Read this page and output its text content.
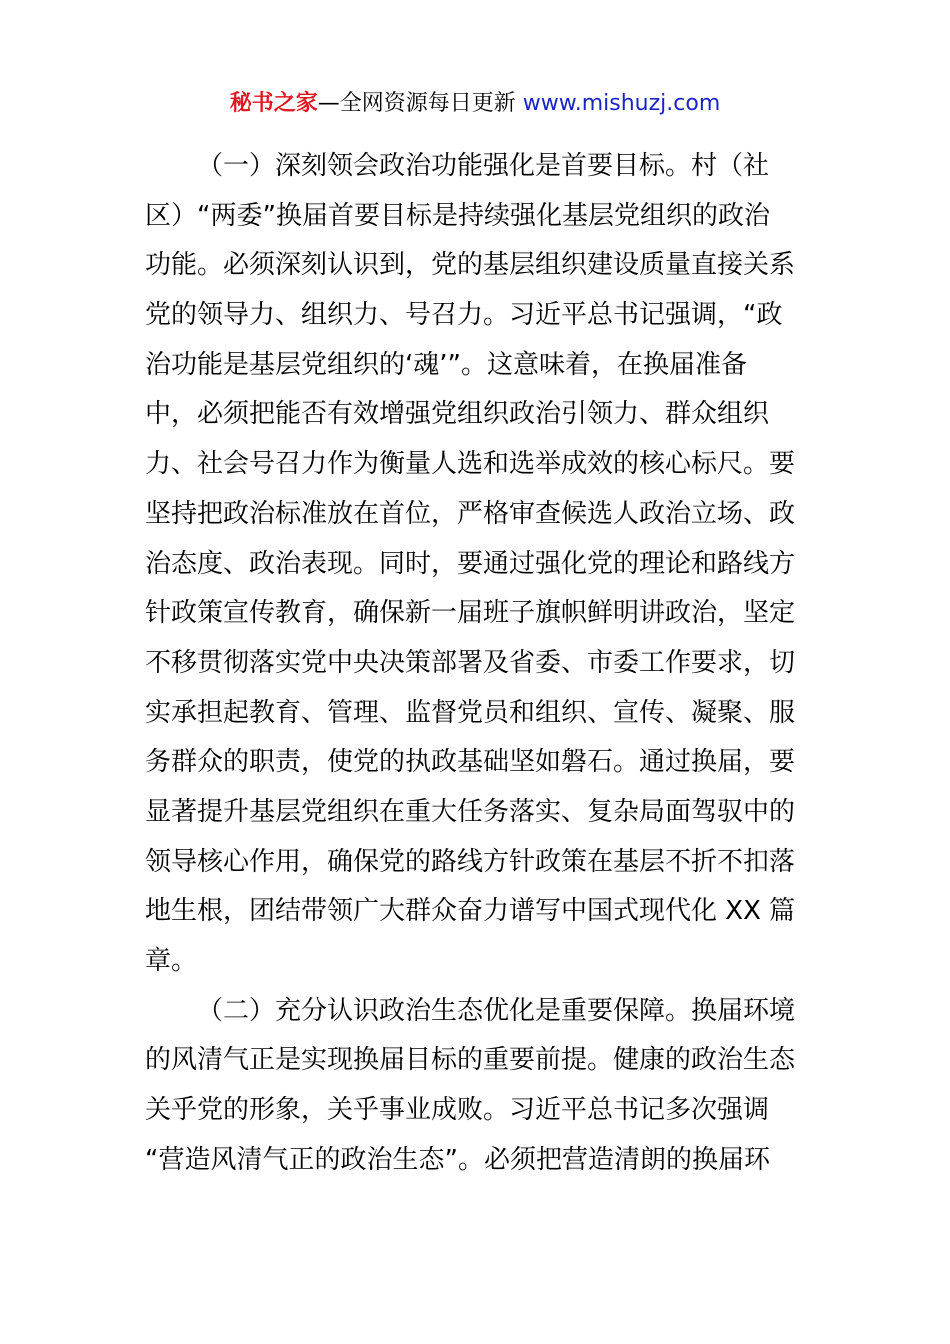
秘书之家—全网资源每日更新 www.mishuzj.com
（一）深刻领会政治功能强化是首要目标。村（社
区）“两委”换届首要目标是持续强化基层党组织的政治
功能。必须深刻认识到，党的基层组织建设质量直接关系
党的领导力、组织力、号召力。习近平总书记强调，“政
治功能是基层党组织的‘魂’”。这意味着，在换届准备
中，必须把能否有效增强党组织政治引领力、群众组织
力、社会号召力作为衡量人选和选举成效的核心标尺。要
坚持把政治标准放在首位，严格审查候选人政治立场、政
治态度、政治表现。同时，要通过强化党的理论和路线方
针政策宣传教育，确保新一届班子旗帜鲜明讲政治，坚定
不移贯彻落实党中央决策部署及省委、市委工作要求，切
实承担起教育、管理、监督党员和组织、宣传、凝聚、服
务群众的职责，使党的执政基础坚如磐石。通过换届，要
显著提升基层党组织在重大任务落实、复杂局面驾驭中的
领导核心作用，确保党的路线方针政策在基层不折不扣落
地生根，团结带领广大群众奋力谱写中国式现代化 XX 篇
章。
（二）充分认识政治生态优化是重要保障。换届环境
的风清气正是实现换届目标的重要前提。健康的政治生态
关乎党的形象，关乎事业成败。习近平总书记多次强调
“营造风清气正的政治生态”。必须把营造清朗的换届环
